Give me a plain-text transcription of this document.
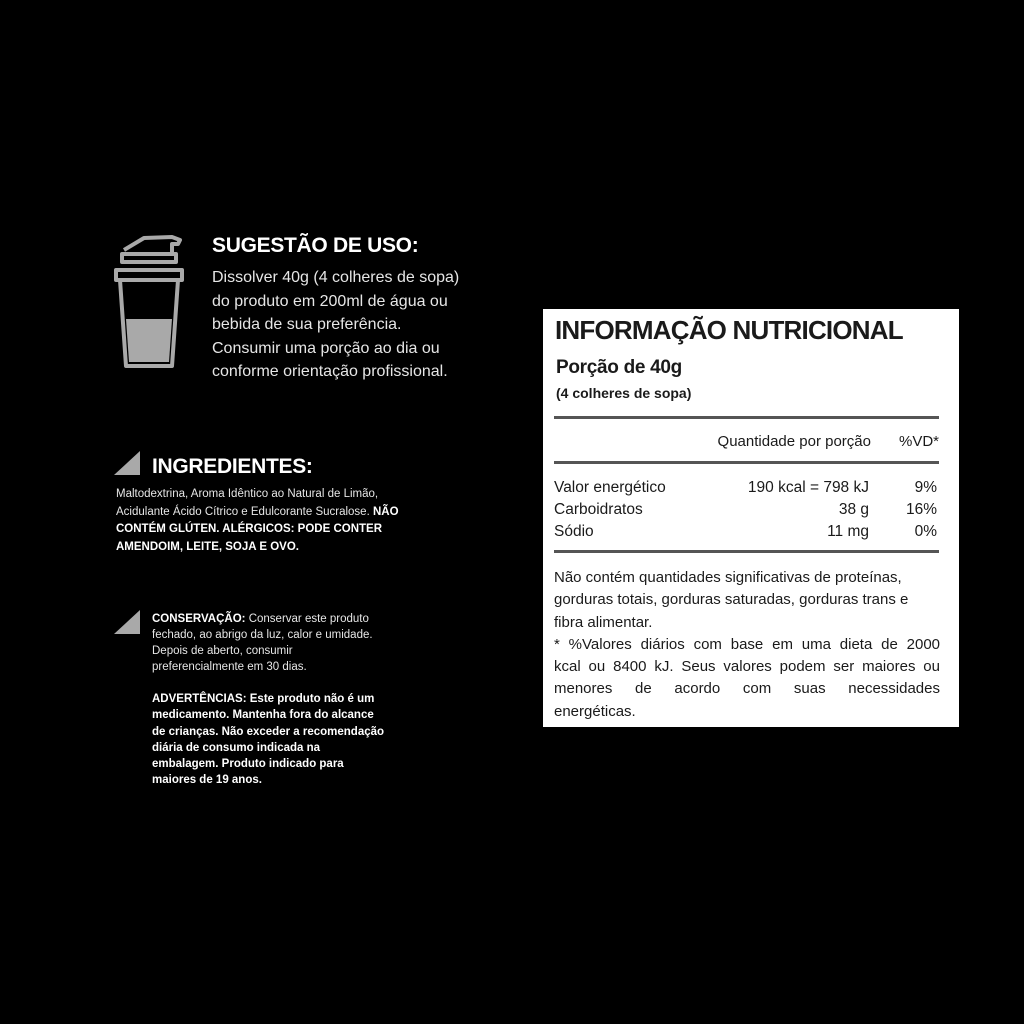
SUGESTÃO DE USO:
Dissolver 40g (4 colheres de sopa)
do produto em 200ml de água ou
bebida de sua preferência.
Consumir uma porção ao dia ou
conforme orientação profissional.
INGREDIENTES:
Maltodextrina, Aroma Idêntico ao Natural de Limão,
Acidulante Ácido Cítrico e Edulcorante Sucralose. NÃO
CONTÉM GLÚTEN. ALÉRGICOS: PODE CONTER
AMENDOIM, LEITE, SOJA E OVO.
CONSERVAÇÃO: Conservar este produto
fechado, ao abrigo da luz, calor e umidade.
Depois de aberto, consumir
preferencialmente em 30 dias.
ADVERTÊNCIAS: Este produto não é um
medicamento. Mantenha fora do alcance
de crianças. Não exceder a recomendação
diária de consumo indicada na
embalagem. Produto indicado para
maiores de 19 anos.
INFORMAÇÃO NUTRICIONAL
Porção de 40g
(4 colheres de sopa)
Quantidade por porção %VD*
Valor energético	190 kcal = 798 kJ	9%
Carboidratos	38 g 16%
Sódio	11 mg	0%
Não contém quantidades significativas de proteínas,
gorduras totais, gorduras saturadas, gorduras trans e
fibra alimentar.
* %Valores diários com base em uma dieta de 2000
kcal ou 8400 kJ. Seus valores podem ser maiores ou
menores de acordo com suas necessidades
energéticas.
